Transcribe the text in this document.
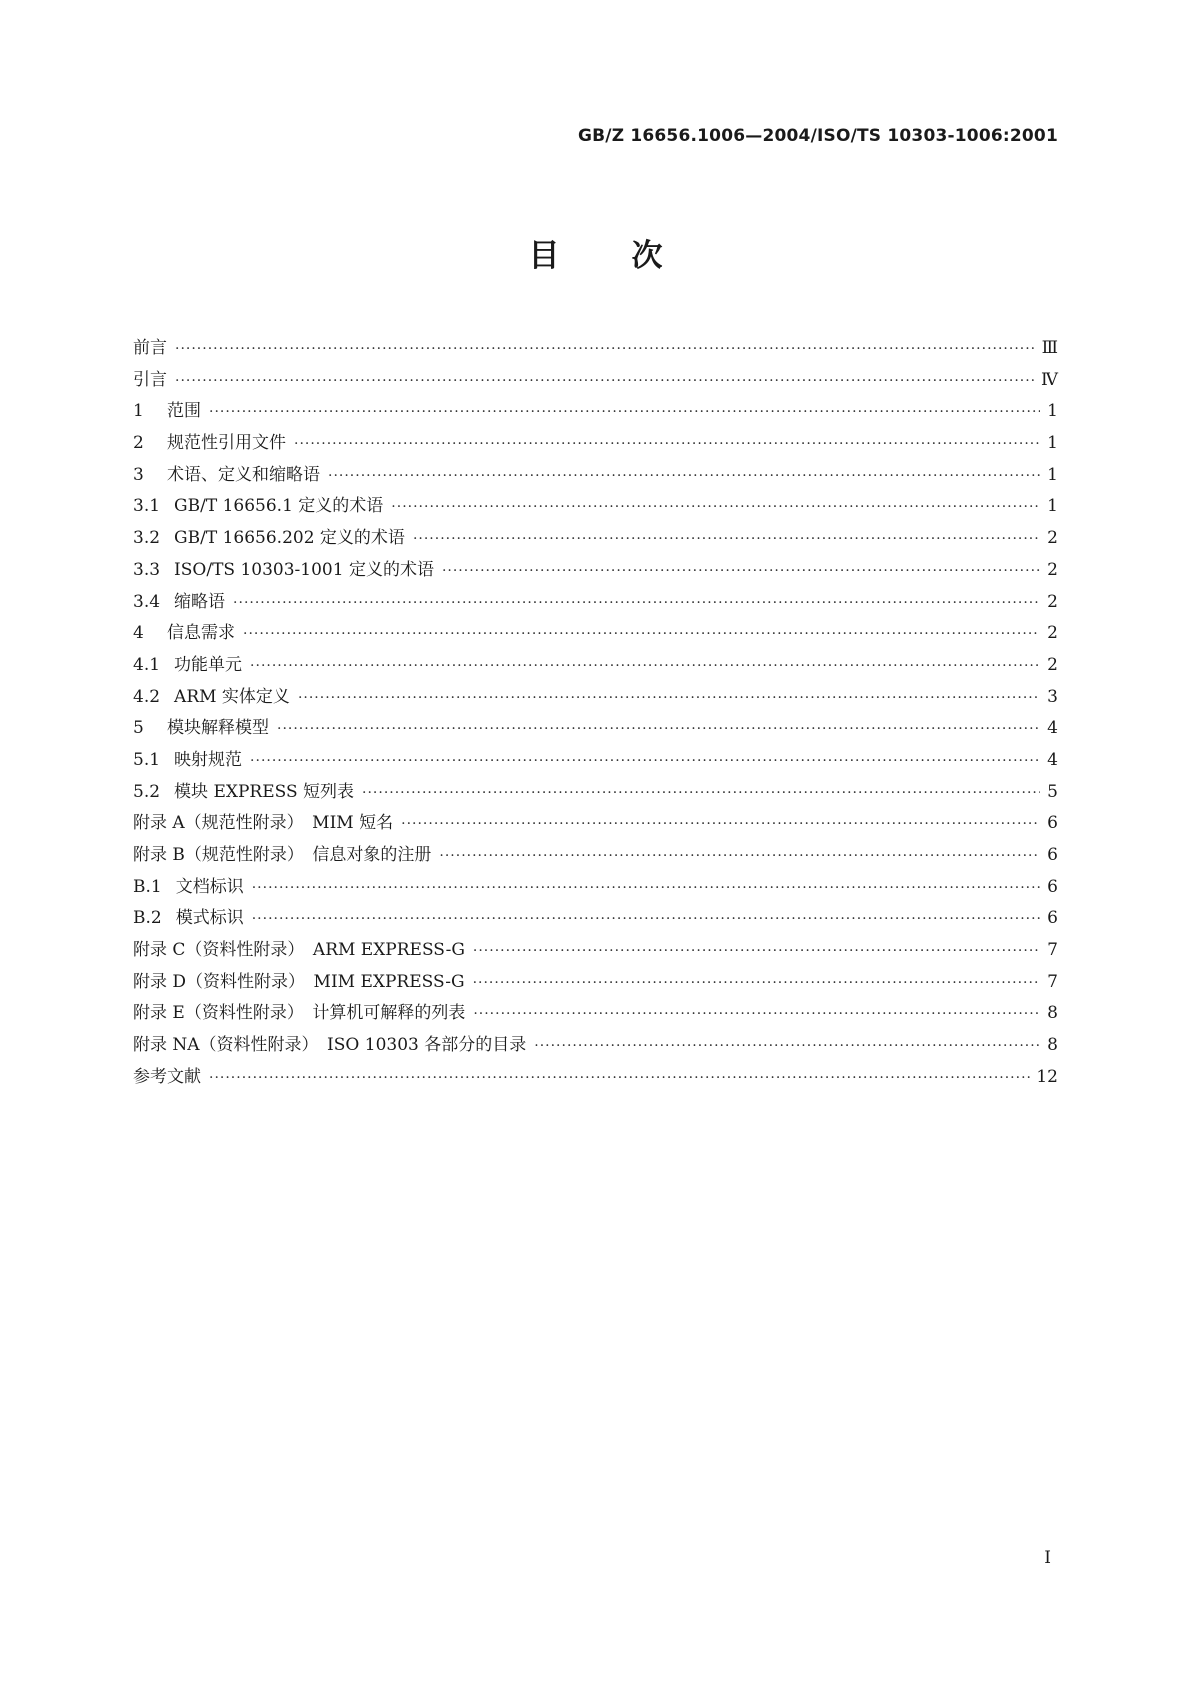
GB/Z 16656.1006—2004/ISO/TS 10303-1006:2001
目 次
前言 ·····	Ⅲ
引言 ·····	Ⅳ
1	范围 ·····	1
2	规范性引用文件 ·····	1
3	术语、定义和缩略语 ·····	1
3.1 GB/T 16656.1 定义的术语 ·····	1
3.2 GB/T 16656.202 定义的术语 ·····	2
3.3 ISO/TS 10303-1001 定义的术语 ·····	2
3.4 缩略语 ·····	2
4	信息需求 ·····	2
4.1 功能单元 ·····	2
4.2 ARM 实体定义 ·····	3
5	模块解释模型 ·····	4
5.1 映射规范 ·····	4
5.2 模块 EXPRESS 短列表 ·····	5
附录 A（规范性附录）　MIM 短名 ·····	6
附录 B（规范性附录）　信息对象的注册 ·····	6
B.1 文档标识 ·····	6
B.2 模式标识 ·····	6
附录 C（资料性附录）　ARM EXPRESS-G ·····	7
附录 D（资料性附录）　MIM EXPRESS-G ·····	7
附录 E（资料性附录）　计算机可解释的列表 ·····	8
附录 NA（资料性附录）　ISO 10303 各部分的目录 ·····	8
参考文献 ·····	12
I
